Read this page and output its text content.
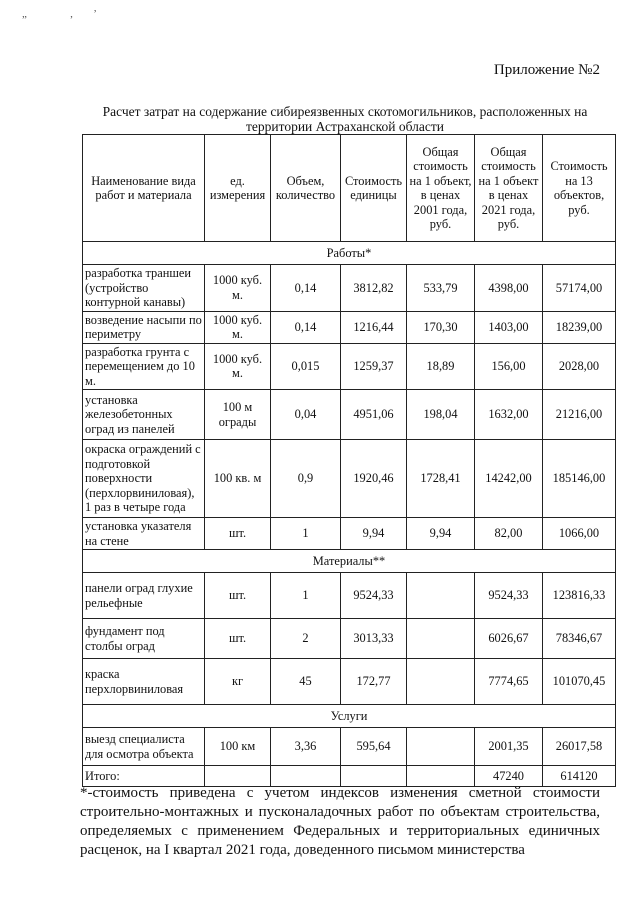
„ ‚ʼ
Приложение №2
Расчет затрат на содержание сибиреязвенных скотомогильников, расположенных на территории Астраханской области
Наименование вида работ и материала	ед. измерения	Объем, количество	Стоимость единицы	Общая стоимость на 1 объект, в ценах 2001 года, руб.	Общая стоимость на 1 объект в ценах 2021 года, руб.	Стоимость на 13 объектов, руб.
Работы*						
разработка траншеи (устройство контурной канавы)	1000 куб. м.	0,14	3812,82	533,79	4398,00	57174,00
возведение насыпи по периметру	1000 куб. м.	0,14	1216,44	170,30	1403,00	18239,00
разработка грунта с перемещением до 10 м.	1000 куб. м.	0,015	1259,37	18,89	156,00	2028,00
установка железобетонных оград из панелей	100 м ограды	0,04	4951,06	198,04	1632,00	21216,00
окраска ограждений с подготовкой поверхности (перхлорвиниловая), 1 раз в четыре года	100 кв. м	0,9	1920,46	1728,41	14242,00	185146,00
установка указателя на стене	шт.	1	9,94	9,94	82,00	1066,00
Материалы**						
панели оград глухие рельефные	шт.	1	9524,33		9524,33	123816,33
фундамент под столбы оград	шт.	2	3013,33		6026,67	78346,67
краска перхлорвиниловая	кг	45	172,77		7774,65	101070,45
Услуги						
выезд специалиста для осмотра объекта	100 км	3,36	595,64		2001,35	26017,58
Итого:					47240	614120
*-стоимость приведена с учетом индексов изменения сметной стоимости строительно-монтажных и пусконаладочных работ по объектам строительства, определяемых с применением Федеральных и территориальных единичных расценок, на I квартал 2021 года, доведенного письмом министерства
